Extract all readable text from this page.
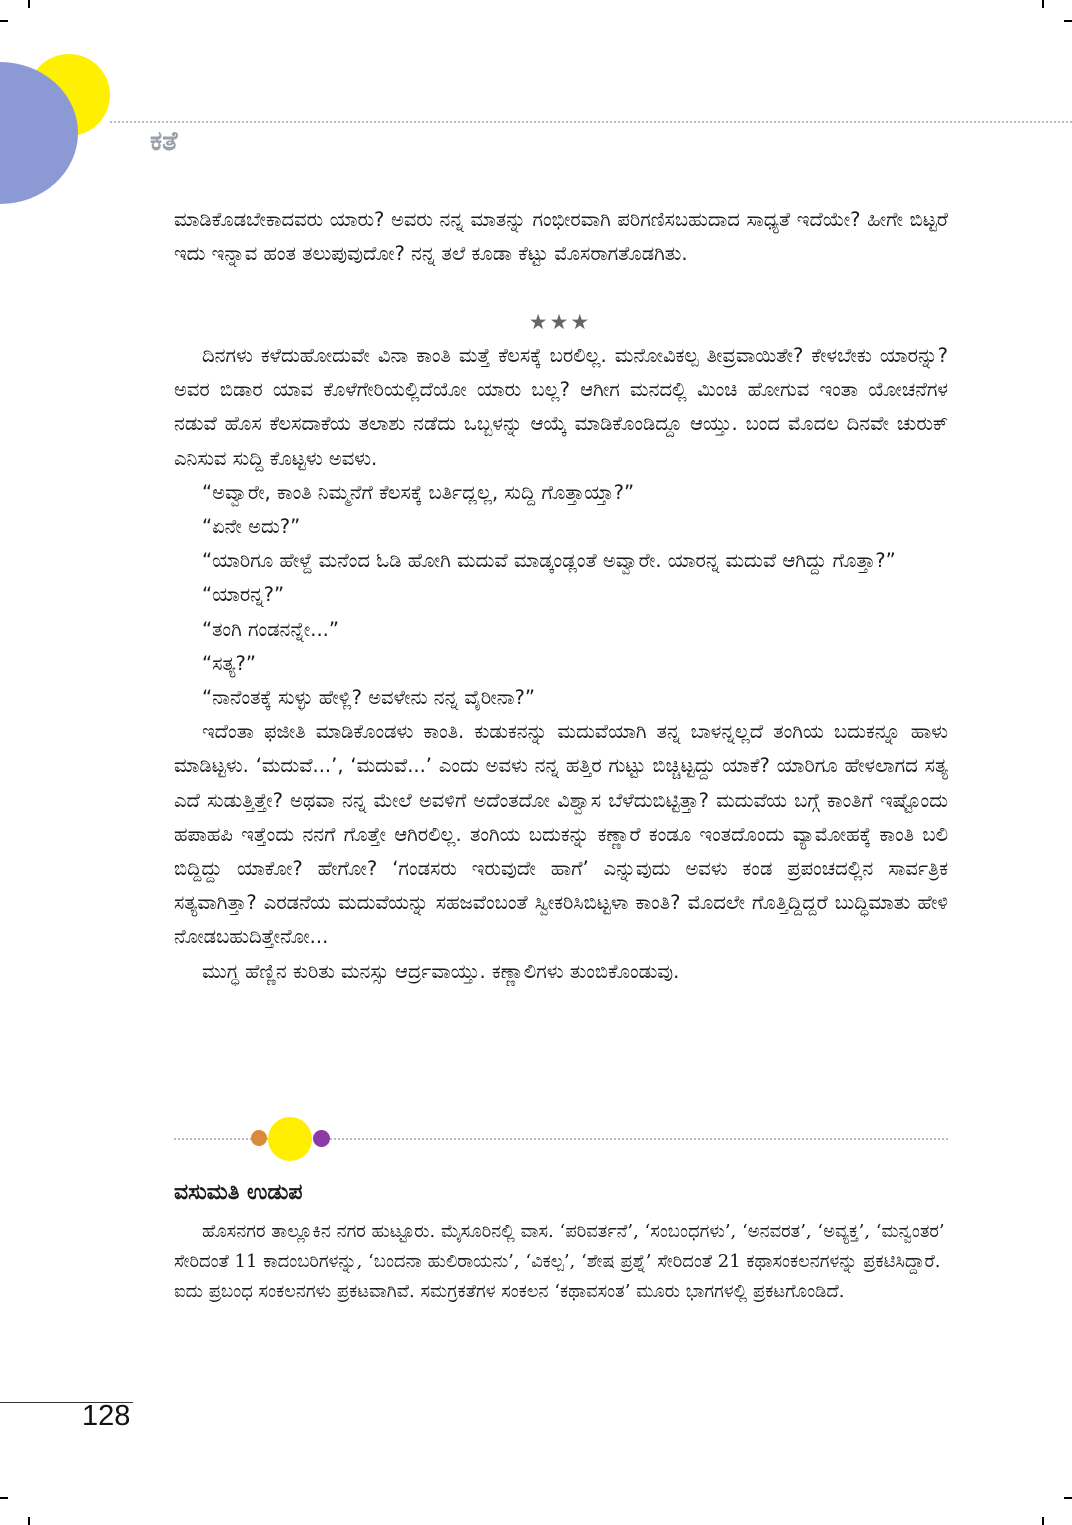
ಕತೆ

ಮಾಡಿಕೊಡಬೇಕಾದವರು ಯಾರು? ಅವರು ನನ್ನ ಮಾತನ್ನು ಗಂಭೀರವಾಗಿ ಪರಿಗಣಿಸಬಹುದಾದ ಸಾಧ್ಯತೆ ಇದೆಯೇ? ಹೀಗೇ ಬಿಟ್ಟರೆ ಇದು ಇನ್ನಾವ ಹಂತ ತಲುಪುವುದೋ? ನನ್ನ ತಲೆ ಕೂಡಾ ಕೆಟ್ಟು ಮೊಸರಾಗತೊಡಗಿತು.

★★★

ದಿನಗಳು ಕಳೆದುಹೋದುವೇ ವಿನಾ ಕಾಂತಿ ಮತ್ತೆ ಕೆಲಸಕ್ಕೆ ಬರಲಿಲ್ಲ. ಮನೋವಿಕಲ್ಪ ತೀವ್ರವಾಯಿತೇ? ಕೇಳಬೇಕು ಯಾರನ್ನು? ಅವರ ಬಿಡಾರ ಯಾವ ಕೊಳೆಗೇರಿಯಲ್ಲಿದೆಯೋ ಯಾರು ಬಲ್ಲ? ಆಗೀಗ ಮನದಲ್ಲಿ ಮಿಂಚಿ ಹೋಗುವ ಇಂತಾ ಯೋಚನೆಗಳ ನಡುವೆ ಹೊಸ ಕೆಲಸದಾಕೆಯ ತಲಾಶು ನಡೆದು ಒಬ್ಬಳನ್ನು ಆಯ್ಕೆ ಮಾಡಿಕೊಂಡಿದ್ದೂ ಆಯ್ತು. ಬಂದ ಮೊದಲ ದಿನವೇ ಚುರುಕ್ ಎನಿಸುವ ಸುದ್ದಿ ಕೊಟ್ಟಳು ಅವಳು.

“ಅವ್ವಾರೇ, ಕಾಂತಿ ನಿಮ್ಮನೆಗೆ ಕೆಲಸಕ್ಕೆ ಬರ್ತಿದ್ಲಲ್ಲ, ಸುದ್ದಿ ಗೊತ್ತಾಯ್ತಾ?”

“ಏನೇ ಅದು?”

“ಯಾರಿಗೂ ಹೇಳ್ದೆ ಮನೆಂದ ಓಡಿ ಹೋಗಿ ಮದುವೆ ಮಾಡ್ಕಂಡ್ಲಂತೆ ಅವ್ವಾರೇ. ಯಾರನ್ನ ಮದುವೆ ಆಗಿದ್ದು ಗೊತ್ತಾ?”

“ಯಾರನ್ನ?”

“ತಂಗಿ ಗಂಡನನ್ನೇ...”

“ಸತ್ಯ?”

“ನಾನೆಂತಕ್ಕೆ ಸುಳ್ಳು ಹೇಳ್ಲಿ? ಅವಳೇನು ನನ್ನ ವೈರೀನಾ?”

ಇದೆಂತಾ ಫಜೀತಿ ಮಾಡಿಕೊಂಡಳು ಕಾಂತಿ. ಕುಡುಕನನ್ನು ಮದುವೆಯಾಗಿ ತನ್ನ ಬಾಳನ್ನಲ್ಲದೆ ತಂಗಿಯ ಬದುಕನ್ನೂ ಹಾಳು ಮಾಡಿಟ್ಟಳು. ‘ಮದುವೆ...’, ‘ಮದುವೆ...’ ಎಂದು ಅವಳು ನನ್ನ ಹತ್ತಿರ ಗುಟ್ಟು ಬಿಚ್ಚಿಟ್ಟದ್ದು ಯಾಕೆ? ಯಾರಿಗೂ ಹೇಳಲಾಗದ ಸತ್ಯ ಎದೆ ಸುಡುತ್ತಿತ್ತೇ? ಅಥವಾ ನನ್ನ ಮೇಲೆ ಅವಳಿಗೆ ಅದೆಂತದೋ ವಿಶ್ವಾಸ ಬೆಳೆದುಬಿಟ್ಟಿತ್ತಾ? ಮದುವೆಯ ಬಗ್ಗೆ ಕಾಂತಿಗೆ ಇಷ್ಟೊಂದು ಹಪಾಹಪಿ ಇತ್ತೆಂದು ನನಗೆ ಗೊತ್ತೇ ಆಗಿರಲಿಲ್ಲ. ತಂಗಿಯ ಬದುಕನ್ನು ಕಣ್ಣಾರೆ ಕಂಡೂ ಇಂತದೊಂದು ವ್ಯಾಮೋಹಕ್ಕೆ ಕಾಂತಿ ಬಲಿ ಬಿದ್ದಿದ್ದು ಯಾಕೋ? ಹೇಗೋ? ‘ಗಂಡಸರು ಇರುವುದೇ ಹಾಗೆ’ ಎನ್ನುವುದು ಅವಳು ಕಂಡ ಪ್ರಪಂಚದಲ್ಲಿನ ಸಾರ್ವತ್ರಿಕ ಸತ್ಯವಾಗಿತ್ತಾ? ಎರಡನೆಯ ಮದುವೆಯನ್ನು ಸಹಜವೆಂಬಂತೆ ಸ್ವೀಕರಿಸಿಬಿಟ್ಟಳಾ ಕಾಂತಿ? ಮೊದಲೇ ಗೊತ್ತಿದ್ದಿದ್ದರೆ ಬುದ್ಧಿಮಾತು ಹೇಳಿ ನೋಡಬಹುದಿತ್ತೇನೋ...

ಮುಗ್ಧ ಹೆಣ್ಣಿನ ಕುರಿತು ಮನಸ್ಸು ಆರ್ದ್ರವಾಯ್ತು. ಕಣ್ಣಾಲಿಗಳು ತುಂಬಿಕೊಂಡುವು.

ವಸುಮತಿ ಉಡುಪ

ಹೊಸನಗರ ತಾಲ್ಲೂಕಿನ ನಗರ ಹುಟ್ಟೂರು. ಮೈಸೂರಿನಲ್ಲಿ ವಾಸ. ‘ಪರಿವರ್ತನೆ’, ‘ಸಂಬಂಧಗಳು’, ‘ಅನವರತ’, ‘ಅವ್ಯಕ್ತ’, ‘ಮನ್ವಂತರ’ ಸೇರಿದಂತೆ 11 ಕಾದಂಬರಿಗಳನ್ನು, ‘ಬಂದನಾ ಹುಲಿರಾಯನು’, ‘ವಿಕಲ್ಪ’, ‘ಶೇಷ ಪ್ರಶ್ನೆ’ ಸೇರಿದಂತೆ 21 ಕಥಾಸಂಕಲನಗಳನ್ನು ಪ್ರಕಟಿಸಿದ್ದಾರೆ. ಐದು ಪ್ರಬಂಧ ಸಂಕಲನಗಳು ಪ್ರಕಟವಾಗಿವೆ. ಸಮಗ್ರಕತೆಗಳ ಸಂಕಲನ ‘ಕಥಾವಸಂತ’ ಮೂರು ಭಾಗಗಳಲ್ಲಿ ಪ್ರಕಟಗೊಂಡಿದೆ.

128
